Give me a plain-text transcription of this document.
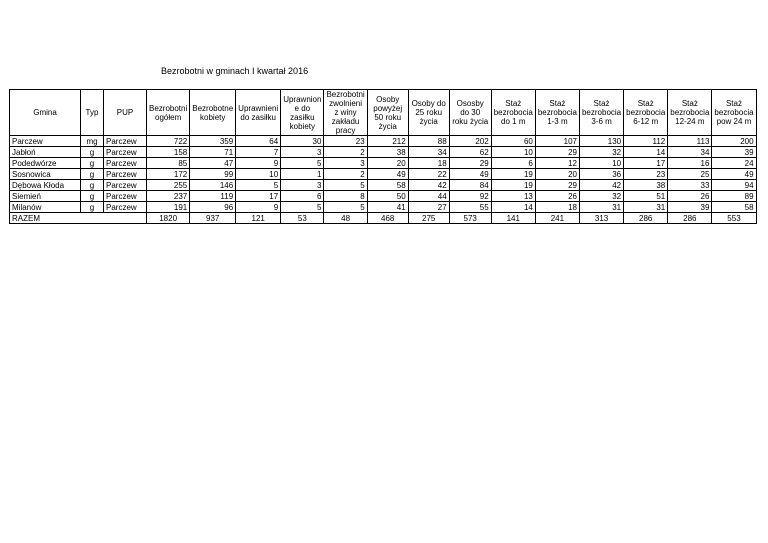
Bezrobotni w gminach I kwartał 2016
Gmina	Typ	PUP	Bezrobotni ogółem	Bezrobotne kobiety	Uprawnieni do zasiłku	Uprawnion e do zasiłku kobiety	Bezrobotni zwolnieni z winy zakładu pracy	Osoby powyżej 50 roku życia	Osoby do 25 roku życia	Ososby do 30 roku życia	Staż bezrobocia do 1 m	Staż bezrobocia 1-3 m	Staż bezrobocia 3-6 m	Staż bezrobocia 6-12 m	Staż bezrobocia 12-24 m	Staż bezrobocia pow 24 m
Parczew	mg	Parczew	722	359	64	30	23	212	88	202	60	107	130	112	113	200
Jabłoń	g	Parczew	158	71	7	3	2	38	34	62	10	29	32	14	34	39
Podedwórze	g	Parczew	85	47	9	5	3	20	18	29	6	12	10	17	16	24
Sosnowica	g	Parczew	172	99	10	1	2	49	22	49	19	20	36	23	25	49
Dębowa Kłoda	g	Parczew	255	146	5	3	5	58	42	84	19	29	42	38	33	94
Siemień	g	Parczew	237	119	17	6	8	50	44	92	13	26	32	51	26	89
Milanów	g	Parczew	191	96	9	5	5	41	27	55	14	18	31	31	39	58
RAZEM			1820	937	121	53	48	468	275	573	141	241	313	286	286	553
